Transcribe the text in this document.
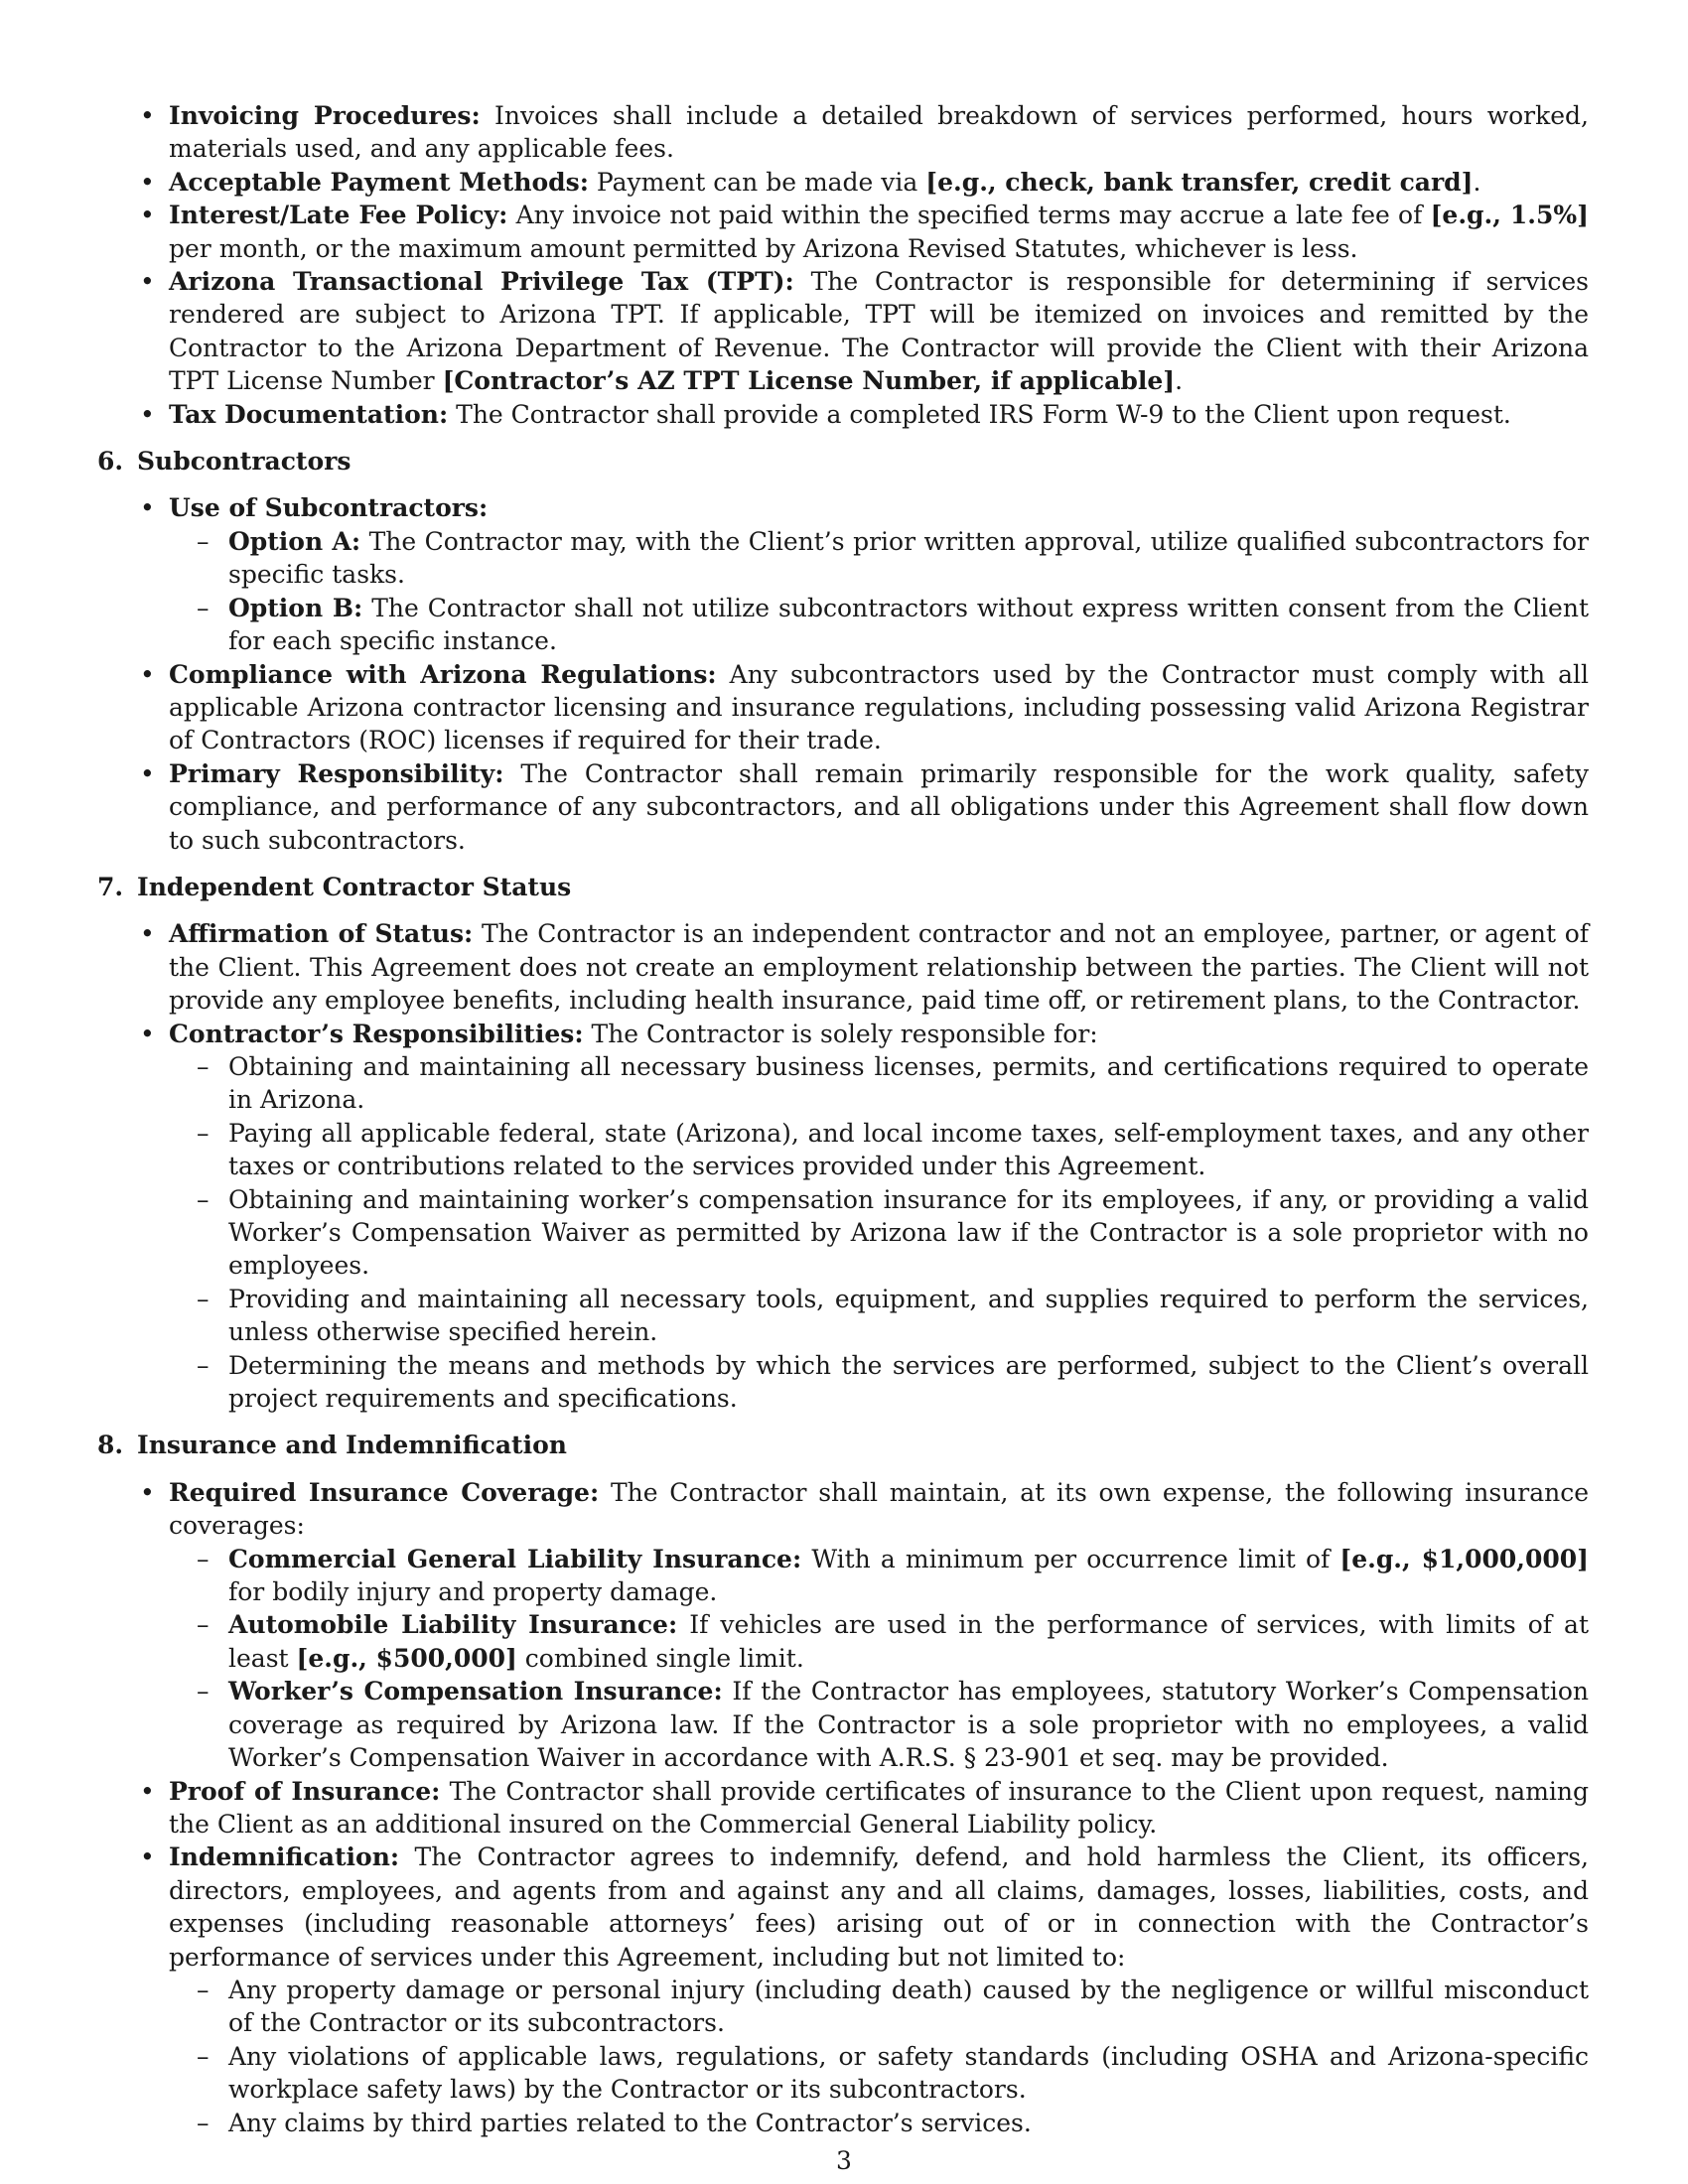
• Invoicing Procedures: Invoices shall include a detailed breakdown of services performed, hours worked, materials used, and any applicable fees.
• Acceptable Payment Methods: Payment can be made via [e.g., check, bank transfer, credit card].
• Interest/Late Fee Policy: Any invoice not paid within the specified terms may accrue a late fee of [e.g., 1.5%] per month, or the maximum amount permitted by Arizona Revised Statutes, whichever is less.
• Arizona Transactional Privilege Tax (TPT): The Contractor is responsible for determining if services rendered are subject to Arizona TPT. If applicable, TPT will be itemized on invoices and remitted by the Contractor to the Arizona Department of Revenue. The Contractor will provide the Client with their Arizona TPT License Number [Contractor’s AZ TPT License Number, if applicable].
• Tax Documentation: The Contractor shall provide a completed IRS Form W-9 to the Client upon request.
6. Subcontractors
• Use of Subcontractors:
– Option A: The Contractor may, with the Client’s prior written approval, utilize qualified subcontractors for specific tasks.
– Option B: The Contractor shall not utilize subcontractors without express written consent from the Client for each specific instance.
• Compliance with Arizona Regulations: Any subcontractors used by the Contractor must comply with all applicable Arizona contractor licensing and insurance regulations, including possessing valid Arizona Registrar of Contractors (ROC) licenses if required for their trade.
• Primary Responsibility: The Contractor shall remain primarily responsible for the work quality, safety compliance, and performance of any subcontractors, and all obligations under this Agreement shall flow down to such subcontractors.
7. Independent Contractor Status
• Affirmation of Status: The Contractor is an independent contractor and not an employee, partner, or agent of the Client. This Agreement does not create an employment relationship between the parties. The Client will not provide any employee benefits, including health insurance, paid time off, or retirement plans, to the Contractor.
• Contractor’s Responsibilities: The Contractor is solely responsible for:
– Obtaining and maintaining all necessary business licenses, permits, and certifications required to operate in Arizona.
– Paying all applicable federal, state (Arizona), and local income taxes, self-employment taxes, and any other taxes or contributions related to the services provided under this Agreement.
– Obtaining and maintaining worker’s compensation insurance for its employees, if any, or providing a valid Worker’s Compensation Waiver as permitted by Arizona law if the Contractor is a sole proprietor with no employees.
– Providing and maintaining all necessary tools, equipment, and supplies required to perform the services, unless otherwise specified herein.
– Determining the means and methods by which the services are performed, subject to the Client’s overall project requirements and specifications.
8. Insurance and Indemnification
• Required Insurance Coverage: The Contractor shall maintain, at its own expense, the following insurance coverages:
– Commercial General Liability Insurance: With a minimum per occurrence limit of [e.g., $1,000,000] for bodily injury and property damage.
– Automobile Liability Insurance: If vehicles are used in the performance of services, with limits of at least [e.g., $500,000] combined single limit.
– Worker’s Compensation Insurance: If the Contractor has employees, statutory Worker’s Compensation coverage as required by Arizona law. If the Contractor is a sole proprietor with no employees, a valid Worker’s Compensation Waiver in accordance with A.R.S. § 23-901 et seq. may be provided.
• Proof of Insurance: The Contractor shall provide certificates of insurance to the Client upon request, naming the Client as an additional insured on the Commercial General Liability policy.
• Indemnification: The Contractor agrees to indemnify, defend, and hold harmless the Client, its officers, directors, employees, and agents from and against any and all claims, damages, losses, liabilities, costs, and expenses (including reasonable attorneys’ fees) arising out of or in connection with the Contractor’s performance of services under this Agreement, including but not limited to:
– Any property damage or personal injury (including death) caused by the negligence or willful misconduct of the Contractor or its subcontractors.
– Any violations of applicable laws, regulations, or safety standards (including OSHA and Arizona-specific workplace safety laws) by the Contractor or its subcontractors.
– Any claims by third parties related to the Contractor’s services.
3
